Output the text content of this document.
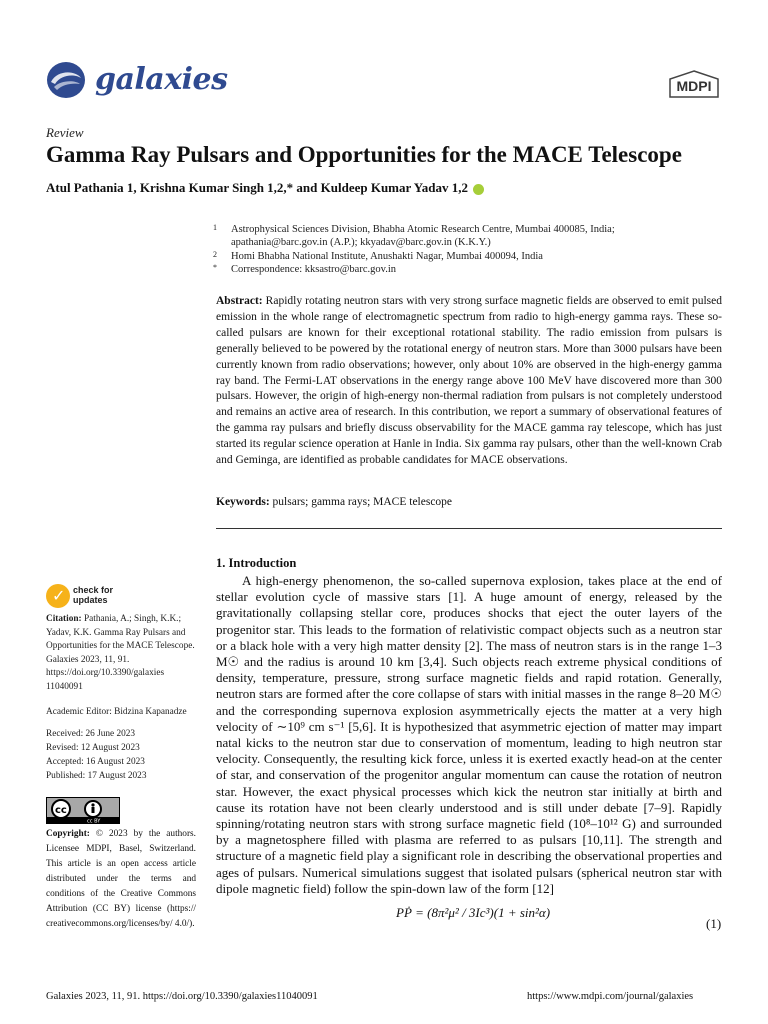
galaxies	MDPI
Review
Gamma Ray Pulsars and Opportunities for the MACE Telescope
Atul Pathania 1, Krishna Kumar Singh 1,2,* and Kuldeep Kumar Yadav 1,2
1 Astrophysical Sciences Division, Bhabha Atomic Research Centre, Mumbai 400085, India;
apathania@barc.gov.in (A.P.); kkyadav@barc.gov.in (K.K.Y.)
2 Homi Bhabha National Institute, Anushakti Nagar, Mumbai 400094, India
* Correspondence: kksastro@barc.gov.in
Abstract: Rapidly rotating neutron stars with very strong surface magnetic fields are observed to emit pulsed emission in the whole range of electromagnetic spectrum from radio to high-energy gamma rays. These so-called pulsars are known for their exceptional rotational stability. The radio emission from pulsars is generally believed to be powered by the rotational energy of neutron stars. More than 3000 pulsars have been currently known from radio observations; however, only about 10% are observed in the high-energy gamma ray band. The Fermi-LAT observations in the energy range above 100 MeV have discovered more than 300 pulsars. However, the origin of high-energy non-thermal radiation from pulsars is not completely understood and remains an active area of research. In this contribution, we report a summary of observational features of the gamma ray pulsars and briefly discuss observability for the MACE gamma ray telescope, which has just started its regular science operation at Hanle in India. Six gamma ray pulsars, other than the well-known Crab and Geminga, are identified as probable candidates for MACE observations.
Keywords: pulsars; gamma rays; MACE telescope
1. Introduction

A high-energy phenomenon, the so-called supernova explosion, takes place at the end of stellar evolution cycle of massive stars [1]. A huge amount of energy, released by the gravitationally collapsing stellar core, produces shocks that eject the outer layers of the progenitor star. This leads to the formation of relativistic compact objects such as a neutron star or a black hole with a very high matter density [2]. The mass of neutron stars is in the range 1–3 M☉ and the radius is around 10 km [3,4]. Such objects reach extreme physical conditions of density, temperature, pressure, strong surface magnetic fields and rapid rotation. Generally, neutron stars are formed after the core collapse of stars with initial masses in the range 8–20 M☉ and the corresponding supernova explosion asymmetrically ejects the matter at a very high velocity of ∼10⁹ cm s⁻¹ [5,6]. It is hypothesized that asymmetric ejection of matter may impart natal kicks to the neutron star due to conservation of momentum, leading to high neutron star velocity. Consequently, the resulting kick force, unless it is exerted exactly head-on at the center of star, and conservation of the progenitor angular momentum can cause the rotation of neutron star. However, the exact physical processes which kick the neutron star initially at birth and cause its rotation have not been clearly understood and is still under debate [7–9]. Rapidly spinning/rotating neutron stars with strong surface magnetic field (10⁸–10¹² G) and surrounded by a magnetosphere filled with plasma are referred to as pulsars [10,11]. The strength and structure of a magnetic field play a significant role in describing the observational properties and ages of pulsars. Numerical simulations suggest that isolated pulsars (spherical neutron star with dipole magnetic field) follow the spin-down law of the form [12]

PṖ = (8π²μ² / 3Ic³)(1 + sin²α)
(1)
✓ check for updates
Citation: Pathania, A.; Singh, K.K.; Yadav, K.K. Gamma Ray Pulsars and Opportunities for the MACE Telescope. Galaxies 2023, 11, 91. https://doi.org/10.3390/galaxies 11040091
Academic Editor: Bidzina Kapanadze
Received: 26 June 2023
Revised: 12 August 2023
Accepted: 16 August 2023
Published: 17 August 2023
cc
cc BY
Copyright: © 2023 by the authors. Licensee MDPI, Basel, Switzerland. This article is an open access article distributed under the terms and conditions of the Creative Commons Attribution (CC BY) license (https:// creativecommons.org/licenses/by/ 4.0/).
Galaxies 2023, 11, 91. https://doi.org/10.3390/galaxies11040091	https://www.mdpi.com/journal/galaxies
